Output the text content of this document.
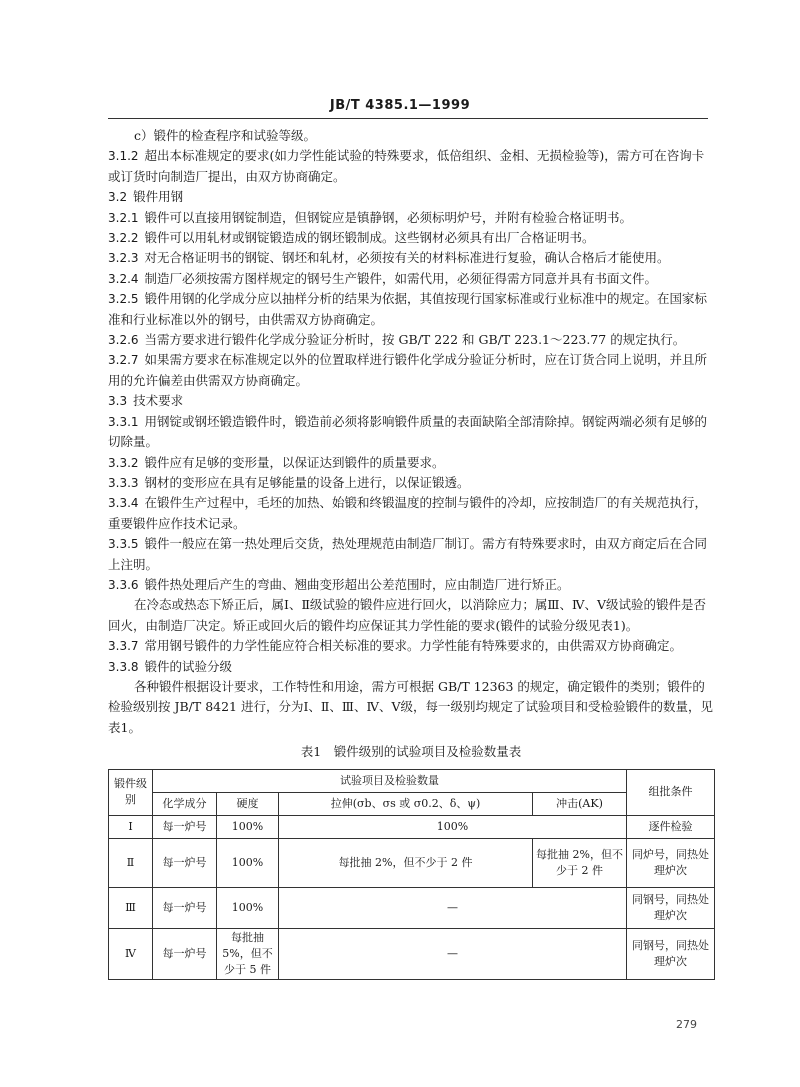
JB/T 4385.1—1999

c）锻件的检查程序和试验等级。

3.1.2 超出本标准规定的要求(如力学性能试验的特殊要求，低倍组织、金相、无损检验等)，需方可在咨询卡或订货时向制造厂提出，由双方协商确定。

3.2 锻件用钢

3.2.1 锻件可以直接用钢锭制造，但钢锭应是镇静钢，必须标明炉号，并附有检验合格证明书。

3.2.2 锻件可以用轧材或钢锭锻造成的钢坯锻制成。这些钢材必须具有出厂合格证明书。

3.2.3 对无合格证明书的钢锭、钢坯和轧材，必须按有关的材料标准进行复验，确认合格后才能使用。

3.2.4 制造厂必须按需方图样规定的钢号生产锻件，如需代用，必须征得需方同意并具有书面文件。

3.2.5 锻件用钢的化学成分应以抽样分析的结果为依据，其值按现行国家标准或行业标准中的规定。在国家标准和行业标准以外的钢号，由供需双方协商确定。

3.2.6 当需方要求进行锻件化学成分验证分析时，按 GB/T 222 和 GB/T 223.1～223.77 的规定执行。

3.2.7 如果需方要求在标准规定以外的位置取样进行锻件化学成分验证分析时，应在订货合同上说明，并且所用的允许偏差由供需双方协商确定。

3.3 技术要求

3.3.1 用钢锭或钢坯锻造锻件时，锻造前必须将影响锻件质量的表面缺陷全部清除掉。钢锭两端必须有足够的切除量。

3.3.2 锻件应有足够的变形量，以保证达到锻件的质量要求。

3.3.3 钢材的变形应在具有足够能量的设备上进行，以保证锻透。

3.3.4 在锻件生产过程中，毛坯的加热、始锻和终锻温度的控制与锻件的冷却，应按制造厂的有关规范执行，重要锻件应作技术记录。

3.3.5 锻件一般应在第一热处理后交货，热处理规范由制造厂制订。需方有特殊要求时，由双方商定后在合同上注明。

3.3.6 锻件热处理后产生的弯曲、翘曲变形超出公差范围时，应由制造厂进行矫正。

在冷态或热态下矫正后，属Ⅰ、Ⅱ级试验的锻件应进行回火，以消除应力；属Ⅲ、Ⅳ、Ⅴ级试验的锻件是否回火，由制造厂决定。矫正或回火后的锻件均应保证其力学性能的要求(锻件的试验分级见表1)。

3.3.7 常用钢号锻件的力学性能应符合相关标准的要求。力学性能有特殊要求的，由供需双方协商确定。

3.3.8 锻件的试验分级

各种锻件根据设计要求，工作特性和用途，需方可根据 GB/T 12363 的规定，确定锻件的类别；锻件的检验级别按 JB/T 8421 进行，分为Ⅰ、Ⅱ、Ⅲ、Ⅳ、Ⅴ级，每一级别均规定了试验项目和受检验锻件的数量，见表1。

表1　锻件级别的试验项目及检验数量表
锻件级别	试验项目及检验数量				组批条件
	化学成分	硬度	拉伸(σb、σs 或 σ0.2、δ、ψ)	冲击(AK)	
Ⅰ	每一炉号	100%	100%		逐件检验
Ⅱ	每一炉号	100%	每批抽 2%，但不少于 2 件	每批抽 2%，但不少于 2 件	同炉号，同热处理炉次
Ⅲ	每一炉号	100%	—		同钢号，同热处理炉次
Ⅳ	每一炉号	每批抽 5%，但不少于 5 件	—		同钢号，同热处理炉次
279
